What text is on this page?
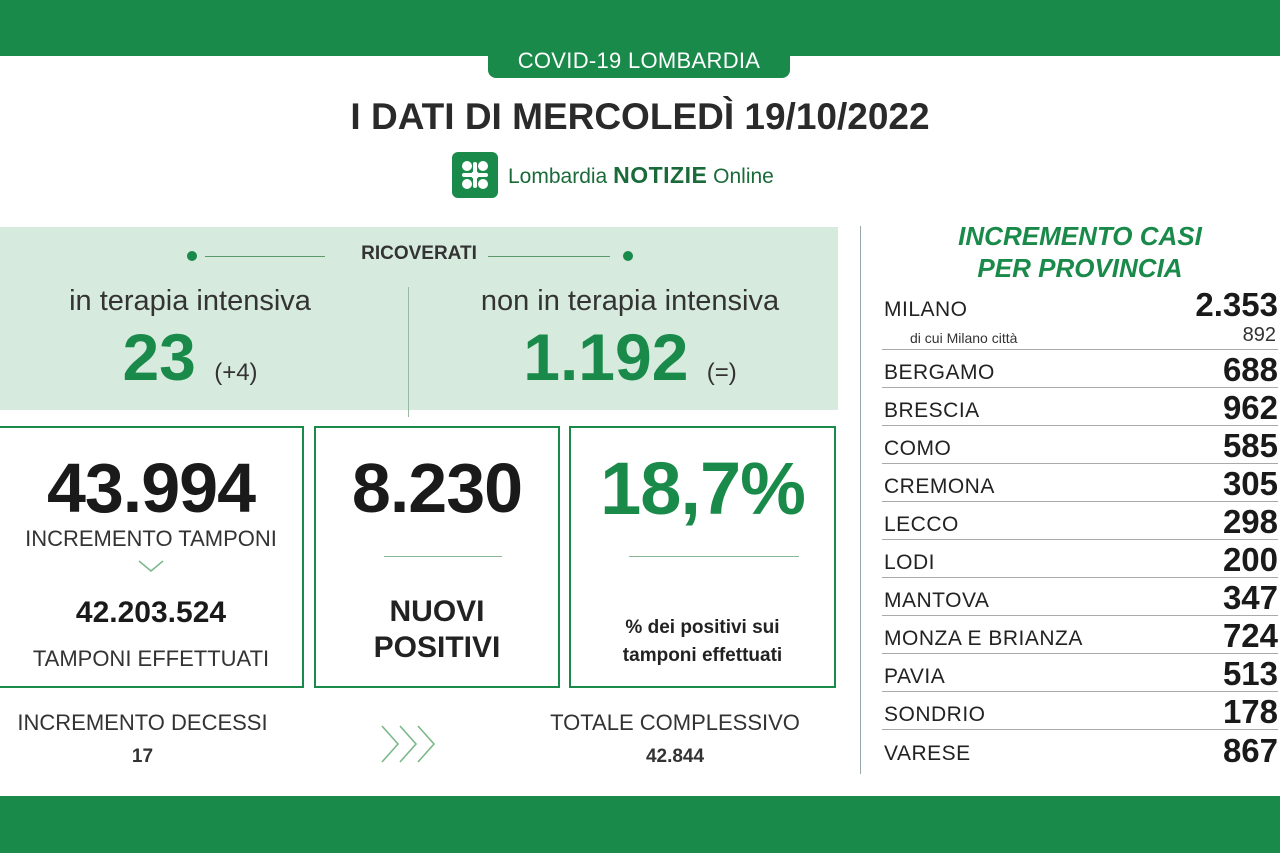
COVID-19 LOMBARDIA
I DATI DI MERCOLEDÌ 19/10/2022
Lombardia NOTIZIE Online
RICOVERATI
in terapia intensiva
23 (+4)
non in terapia intensiva
1.192 (=)
43.994
INCREMENTO TAMPONI
42.203.524
TAMPONI EFFETTUATI
8.230
NUOVI
POSITIVI
18,7%
% dei positivi sui
tamponi effettuati
INCREMENTO DECESSI
17
TOTALE COMPLESSIVO
42.844
INCREMENTO CASI
PER PROVINCIA
MILANO	2.353
di cui Milano città	892
BERGAMO	688
BRESCIA	962
COMO	585
CREMONA	305
LECCO	298
LODI	200
MANTOVA	347
MONZA E BRIANZA	724
PAVIA	513
SONDRIO	178
VARESE	867
